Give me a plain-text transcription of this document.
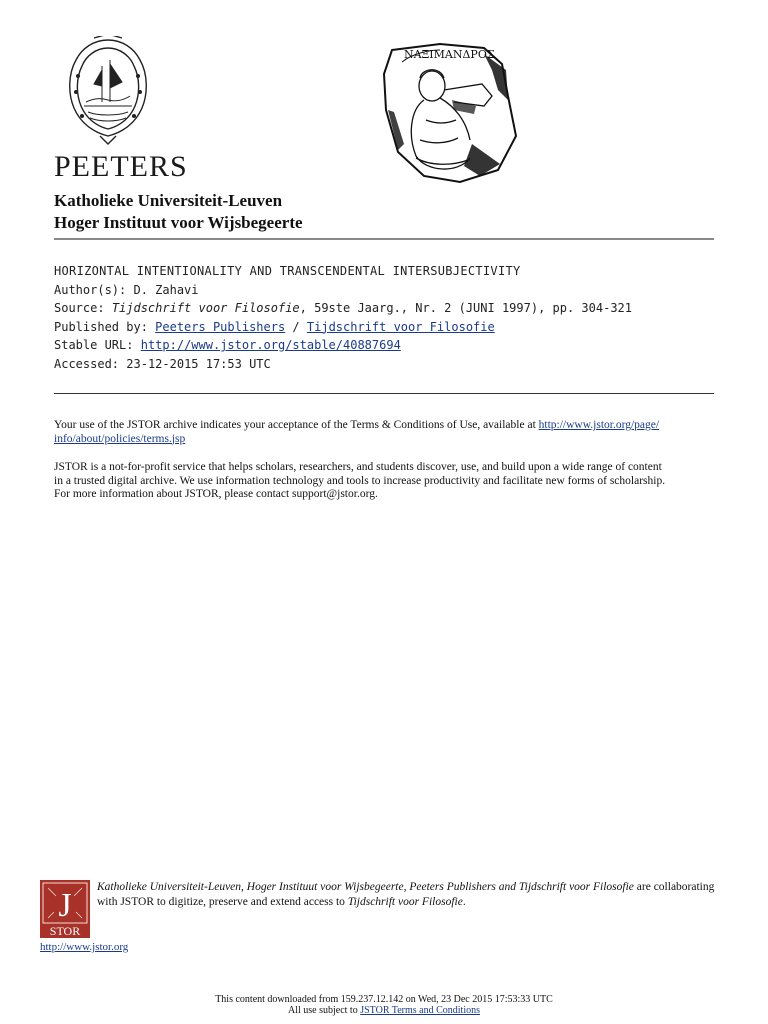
PEETERS
ΝΑΞΙΜΑΝΔΡΟΣ
Katholieke Universiteit-Leuven
Hoger Instituut voor Wijsbegeerte
HORIZONTAL INTENTIONALITY AND TRANSCENDENTAL INTERSUBJECTIVITY
Author(s): D. Zahavi
Source: Tijdschrift voor Filosofie, 59ste Jaarg., Nr. 2 (JUNI 1997), pp. 304-321
Published by: Peeters Publishers / Tijdschrift voor Filosofie
Stable URL: http://www.jstor.org/stable/40887694
Accessed: 23-12-2015 17:53 UTC
Your use of the JSTOR archive indicates your acceptance of the Terms & Conditions of Use, available at http://www.jstor.org/page/
info/about/policies/terms.jsp
JSTOR is a not-for-profit service that helps scholars, researchers, and students discover, use, and build upon a wide range of content
in a trusted digital archive. We use information technology and tools to increase productivity and facilitate new forms of scholarship.
For more information about JSTOR, please contact support@jstor.org.
J
STOR
http://www.jstor.org
Katholieke Universiteit-Leuven, Hoger Instituut voor Wijsbegeerte, Peeters Publishers and Tijdschrift voor Filosofie are collaborating with JSTOR to digitize, preserve and extend access to Tijdschrift voor Filosofie.
This content downloaded from 159.237.12.142 on Wed, 23 Dec 2015 17:53:33 UTC
All use subject to JSTOR Terms and Conditions
